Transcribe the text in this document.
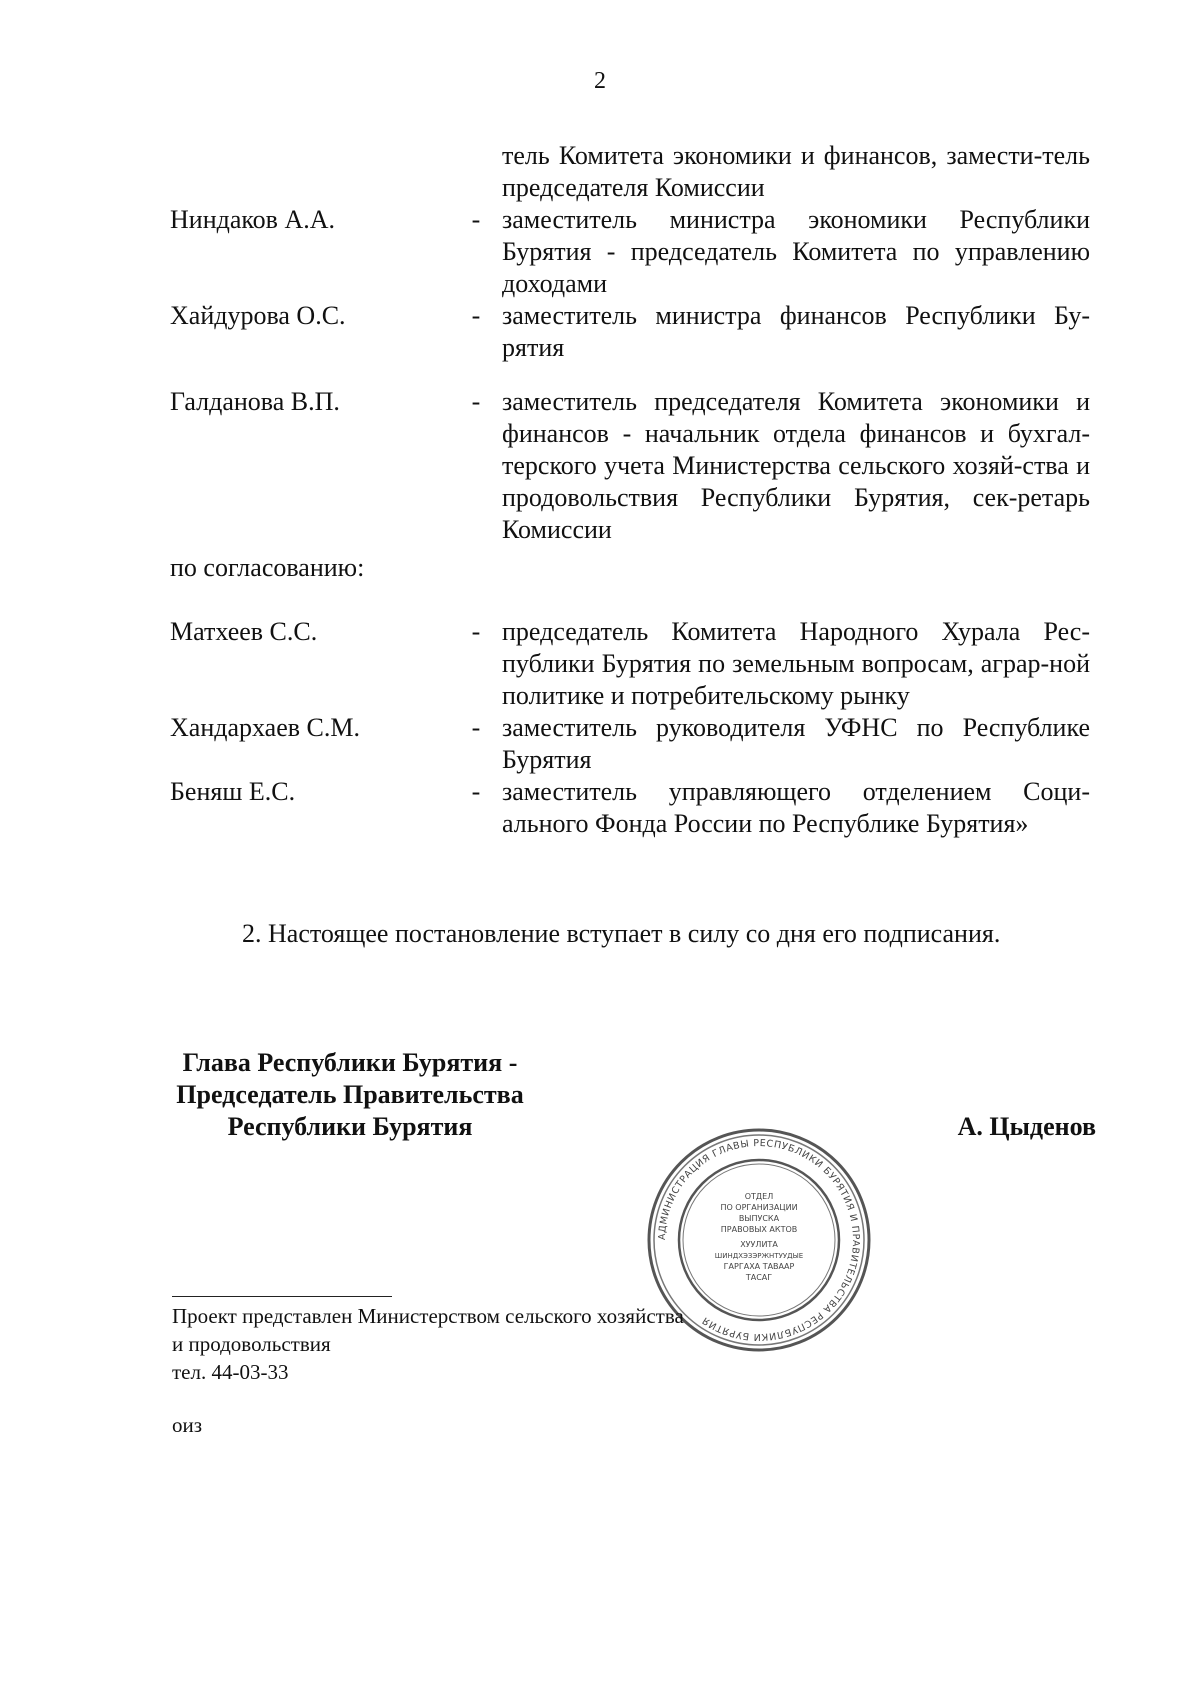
2
тель Комитета экономики и финансов, замести-тель председателя Комиссии
Ниндаков А.А.	- заместитель министра экономики Республики Бурятия - председатель Комитета по управлению доходами
Хайдурова О.С.	- заместитель министра финансов Республики Бу-рятия
Галданова В.П.	- заместитель председателя Комитета экономики и финансов - начальник отдела финансов и бухгал-терского учета Министерства сельского хозяй-ства и продовольствия Республики Бурятия, сек-ретарь Комиссии
по согласованию:
Матхеев С.С.	- председатель Комитета Народного Хурала Рес-публики Бурятия по земельным вопросам, аграр-ной политике и потребительскому рынку
Хандархаев С.М.	- заместитель руководителя УФНС по Республике Бурятия
Беняш Е.С.	- заместитель управляющего отделением Соци-ального Фонда России по Республике Бурятия»
2. Настоящее постановление вступает в силу со дня его подписания.
Глава Республики Бурятия -
Председатель Правительства
Республики Бурятия	А. Цыденов
АДМИНИСТРАЦИЯ ГЛАВЫ РЕСПУБЛИКИ БУРЯТИЯ И ПРАВИТЕЛЬСТВА РЕСПУБЛИКИ БУРЯТИЯ
ОТДЕЛ
ПО ОРГАНИЗАЦИИ
ВЫПУСКА
ПРАВОВЫХ АКТОВ
ХУУЛИТА
ШИНДХЭЗЭРЖНТУУДЫЕ
ГАРГАХА ТАВААР
ТАСАГ
Проект представлен Министерством сельского хозяйства
и продовольствия
тел. 44-03-33
оиз
